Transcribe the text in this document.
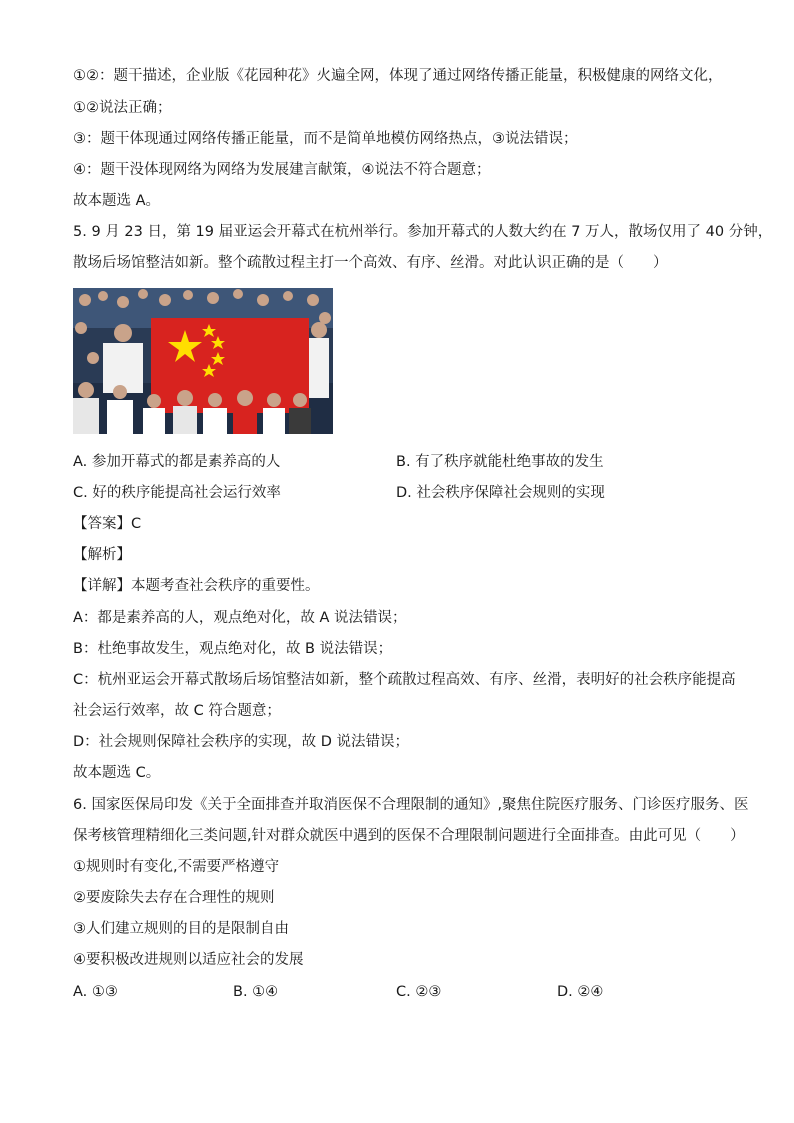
①②：题干描述，企业版《花园种花》火遍全网，体现了通过网络传播正能量，积极健康的网络文化，
①②说法正确；
③：题干体现通过网络传播正能量，而不是简单地模仿网络热点，③说法错误；
④：题干没体现网络为网络为发展建言献策，④说法不符合题意；
故本题选 A。
5. 9 月 23 日，第 19 届亚运会开幕式在杭州举行。参加开幕式的人数大约在 7 万人，散场仅用了 40 分钟，
散场后场馆整洁如新。整个疏散过程主打一个高效、有序、丝滑。对此认识正确的是（　　）
A. 参加开幕式的都是素养高的人	B. 有了秩序就能杜绝事故的发生
C. 好的秩序能提高社会运行效率	D. 社会秩序保障社会规则的实现
【答案】C
【解析】
【详解】本题考查社会秩序的重要性。
A：都是素养高的人，观点绝对化，故 A 说法错误；
B：杜绝事故发生，观点绝对化，故 B 说法错误；
C：杭州亚运会开幕式散场后场馆整洁如新，整个疏散过程高效、有序、丝滑，表明好的社会秩序能提高
社会运行效率，故 C 符合题意；
D：社会规则保障社会秩序的实现，故 D 说法错误；
故本题选 C。
6. 国家医保局印发《关于全面排查并取消医保不合理限制的通知》,聚焦住院医疗服务、门诊医疗服务、医
保考核管理精细化三类问题,针对群众就医中遇到的医保不合理限制问题进行全面排查。由此可见（　　）
①规则时有变化,不需要严格遵守
②要废除失去存在合理性的规则
③人们建立规则的目的是限制自由
④要积极改进规则以适应社会的发展
A. ①③	B. ①④	C. ②③	D. ②④
